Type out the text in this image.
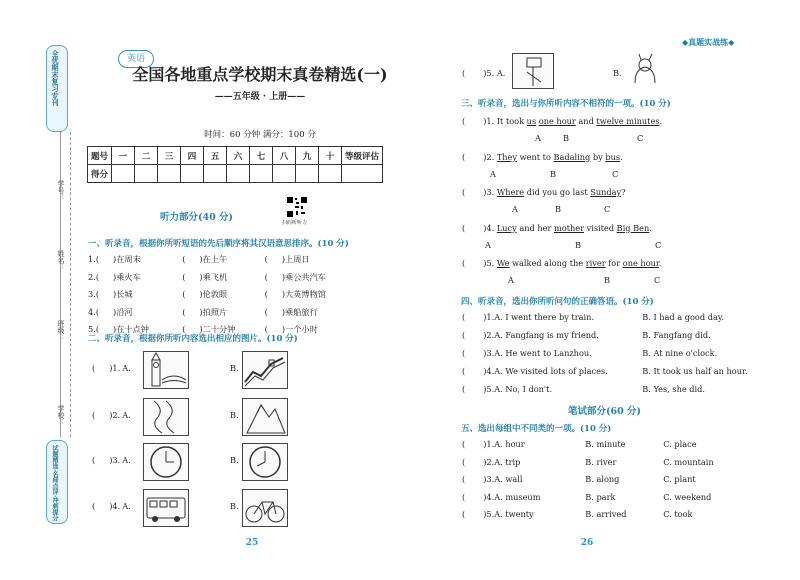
全优期末复习专刊
试题精选·名师点评·冲刺提分
学号：
姓名：
班级：
学校：
英语
全国各地重点学校期末真卷精选(一)
——五年级 · 上册——
时间：60 分钟 满分：100 分
题号	一	二	三	四	五	六	七	八	九	十	等级评估
得分											
听力部分(40 分)	扫码听听力
一、听录音，根据你所听短语的先后顺序将其汉语意思排序。(10 分)
1.( )在周末	( )在上午	( )上周日
2.( )乘火车	( )乘飞机	( )乘公共汽车
3.( )长城	( )伦敦眼	( )大英博物馆
4.( )沿河	( )拍照片	( )乘船旅行
5.( )在十点钟	( )二十分钟	( )一个小时
二、听录音，根据你所听内容选出相应的图片。(10 分)
( )1. A.	B.
( )2. A.	B.
( )3. A.	B.
( )4. A.	B.
◆真题实战练◆
( )5. A.	B.
三、听录音，选出与你所听内容不相符的一项。(10 分)
( )1. It took us one hour and twelve minutes.
A	B	C
( )2. They went to Badaling by bus.
A	B	C
( )3. Where did you go last Sunday?
A	B	C
( )4. Lucy and her mother visited Big Ben.
A	B	C
( )5. We walked along the river for one hour.
A	B	C
四、听录音，选出你所听问句的正确答语。(10 分)
( )1.A. I went there by train.	B. I had a good day.
( )2.A. Fangfang is my friend.	B. Fangfang did.
( )3.A. He went to Lanzhou.	B. At nine o'clock.
( )4.A. We visited lots of places.	B. It took us half an hour.
( )5.A. No, I don't.	B. Yes, she did.
笔试部分(60 分)
五、选出每组中不同类的一项。(10 分)
( )1.A. hour	B. minute	C. place
( )2.A. trip	B. river	C. mountain
( )3.A. wall	B. along	C. plant
( )4.A. museum	B. park	C. weekend
( )5.A. twenty	B. arrived	C. took
25	26
